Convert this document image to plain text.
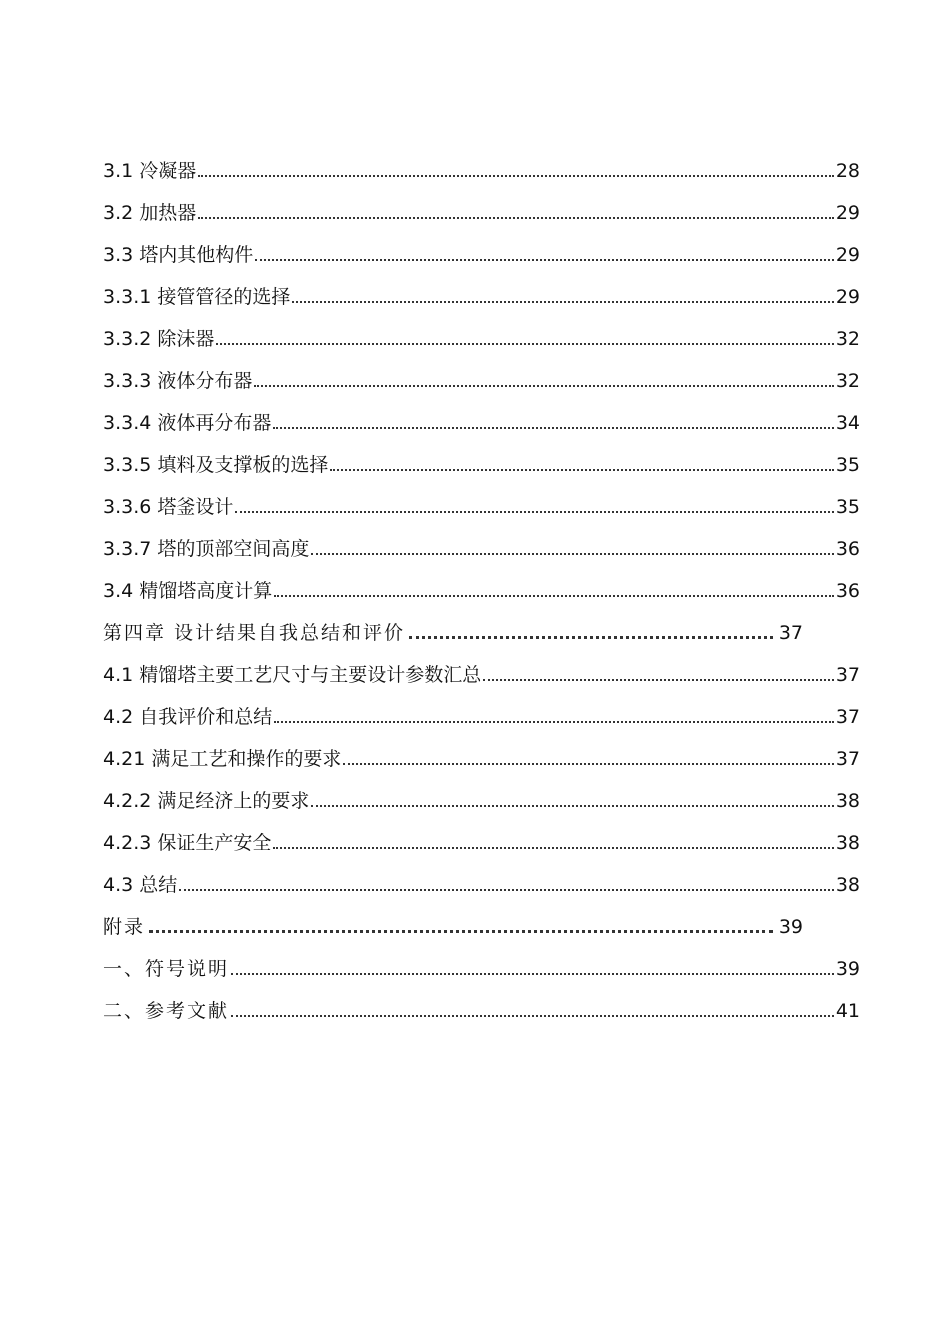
3.1 冷凝器	28
3.2 加热器	29
3.3 塔内其他构件	29
3.3.1 接管管径的选择	29
3.3.2 除沫器	32
3.3.3 液体分布器	32
3.3.4 液体再分布器	34
3.3.5 填料及支撑板的选择	35
3.3.6 塔釜设计	35
3.3.7 塔的顶部空间高度	36
3.4 精馏塔高度计算	36
第四章 设计结果自我总结和评价	37
4.1 精馏塔主要工艺尺寸与主要设计参数汇总	37
4.2 自我评价和总结	37
4.21 满足工艺和操作的要求	37
4.2.2 满足经济上的要求	38
4.2.3 保证生产安全	38
4.3 总结	38
附录	39
一、符号说明	39
二、参考文献	41
